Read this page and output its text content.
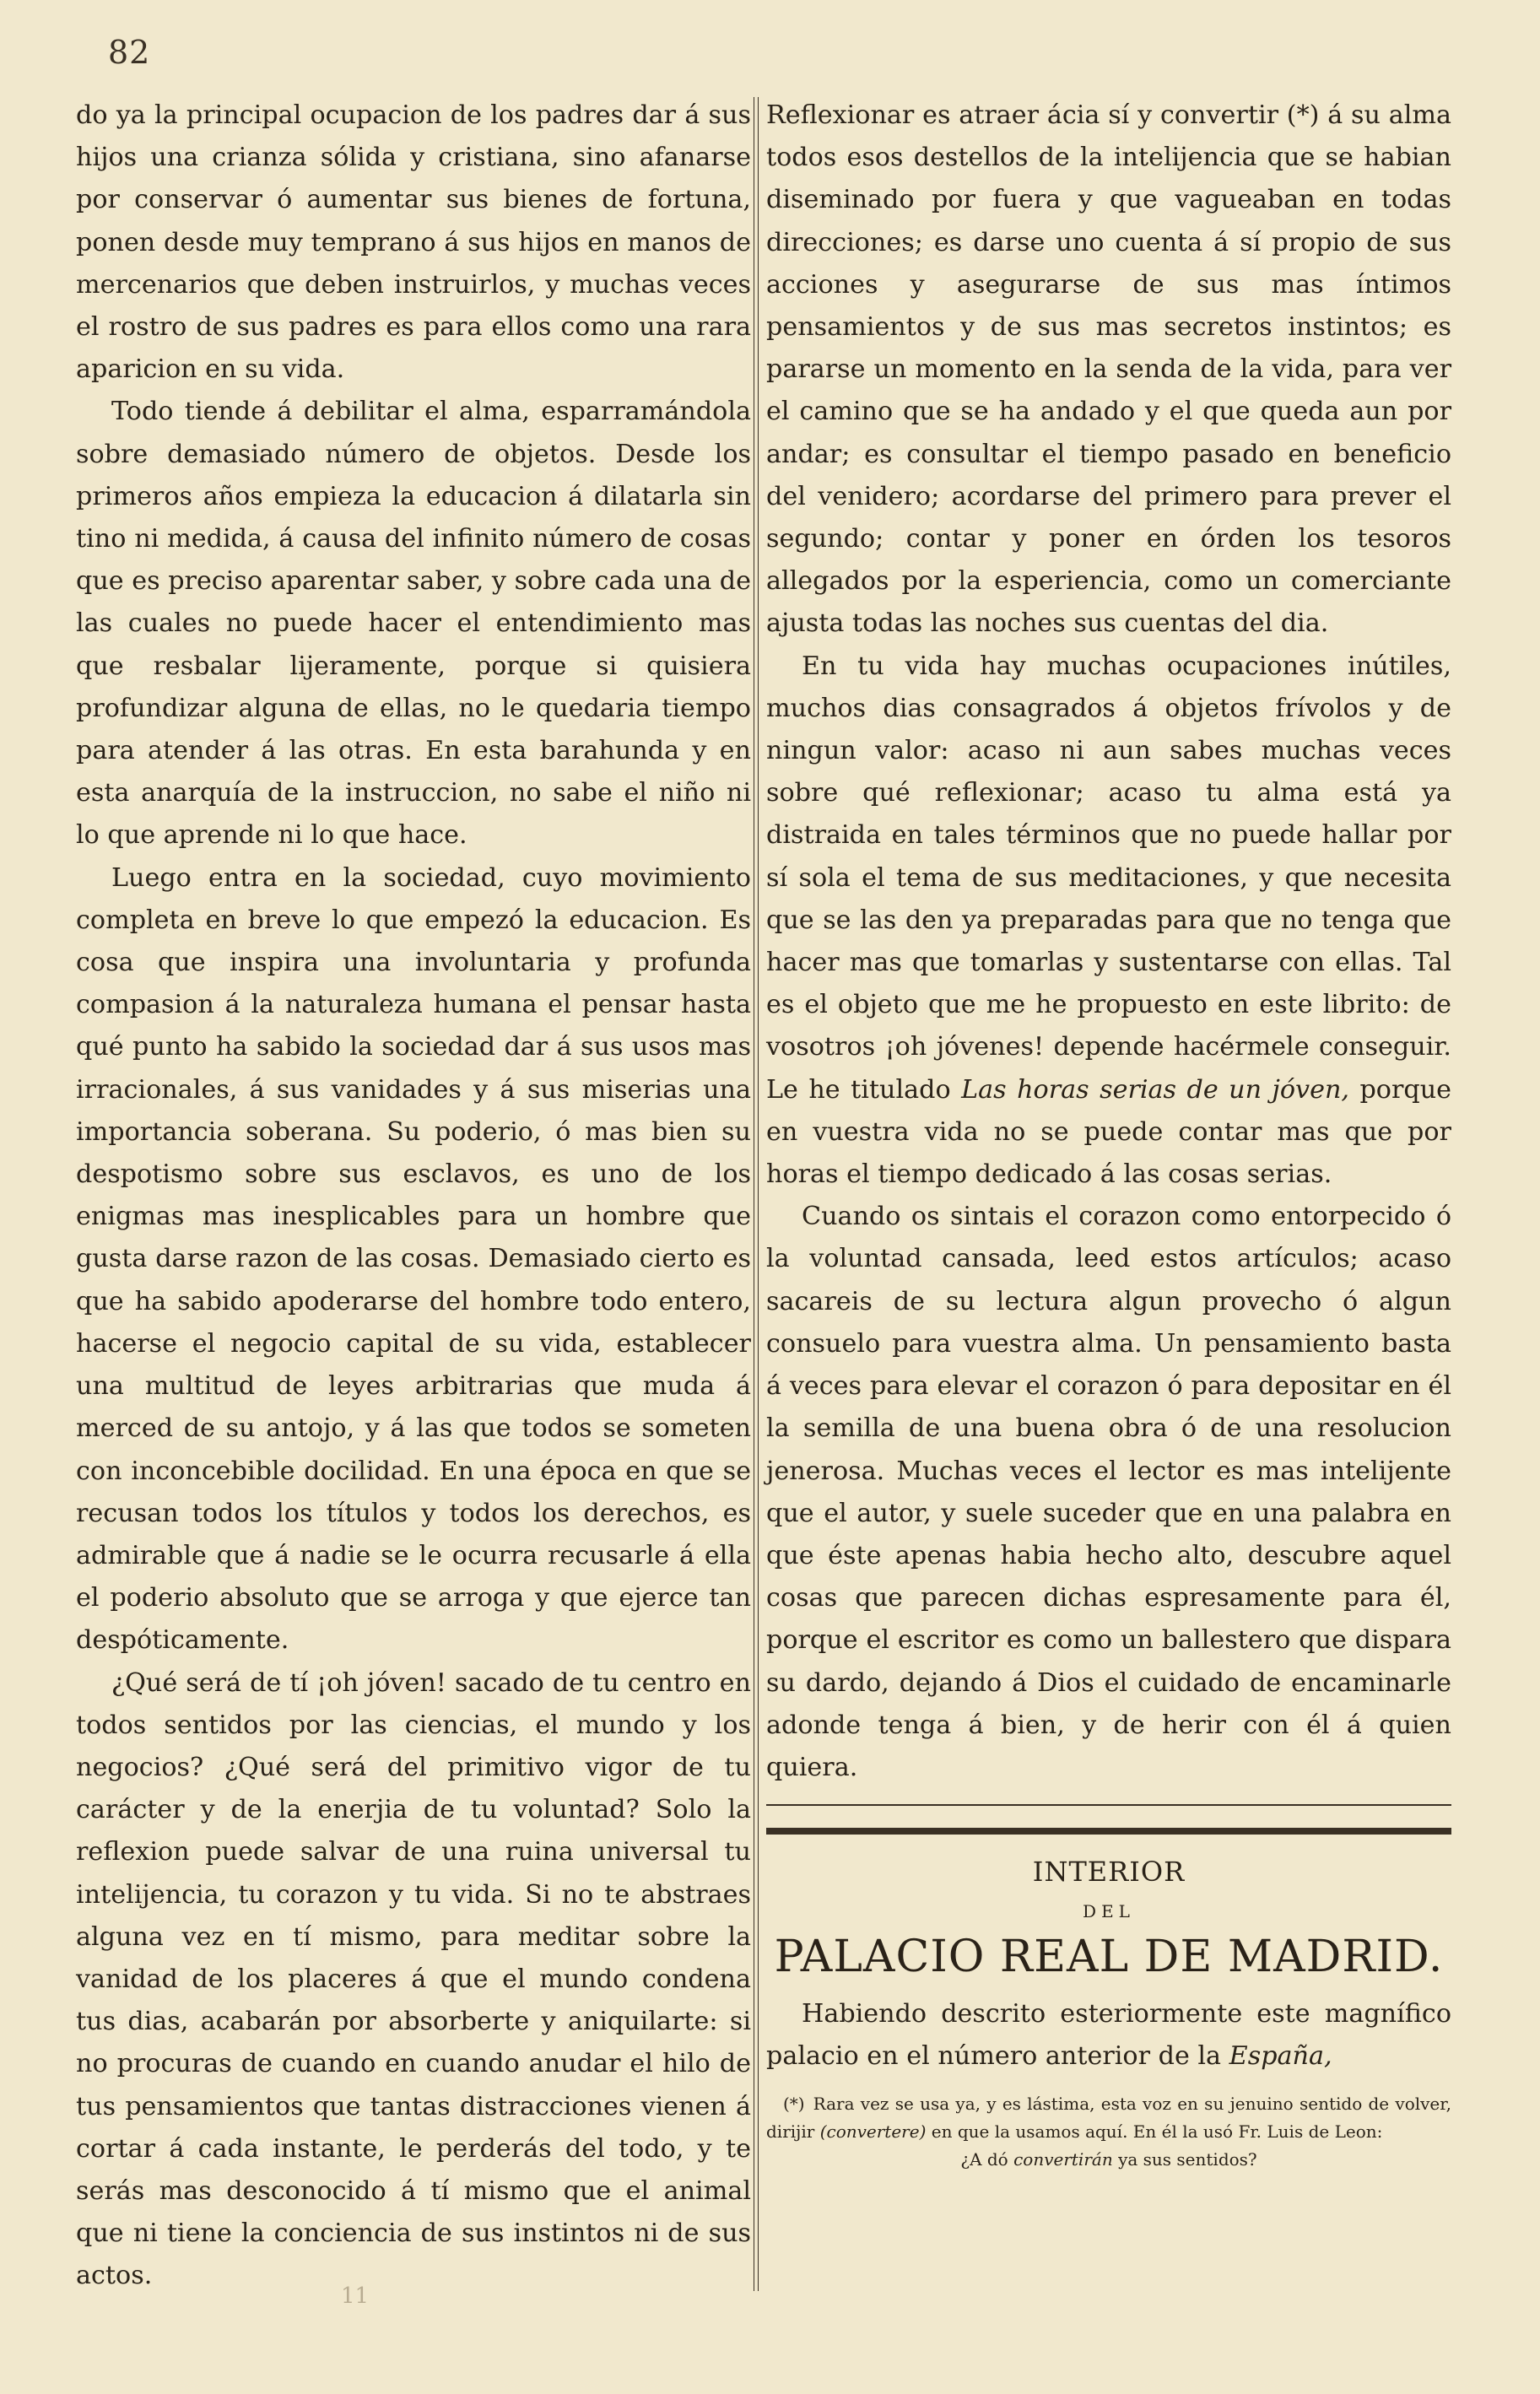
82

do ya la principal ocupacion de los padres dar á sus hijos una crianza sólida y cristiana, sino afanarse por conservar ó aumentar sus bienes de fortuna, ponen desde muy temprano á sus hijos en manos de mercenarios que deben instruirlos, y muchas veces el rostro de sus padres es para ellos como una rara aparicion en su vida.

Todo tiende á debilitar el alma, esparramándola sobre demasiado número de objetos. Desde los primeros años empieza la educacion á dilatarla sin tino ni medida, á causa del infinito número de cosas que es preciso aparentar saber, y sobre cada una de las cuales no puede hacer el entendimiento mas que resbalar lijeramente, porque si quisiera profundizar alguna de ellas, no le quedaria tiempo para atender á las otras. En esta barahunda y en esta anarquía de la instruccion, no sabe el niño ni lo que aprende ni lo que hace.

Luego entra en la sociedad, cuyo movimiento completa en breve lo que empezó la educacion. Es cosa que inspira una involuntaria y profunda compasion á la naturaleza humana el pensar hasta qué punto ha sabido la sociedad dar á sus usos mas irracionales, á sus vanidades y á sus miserias una importancia soberana. Su poderio, ó mas bien su despotismo sobre sus esclavos, es uno de los enigmas mas inesplicables para un hombre que gusta darse razon de las cosas. Demasiado cierto es que ha sabido apoderarse del hombre todo entero, hacerse el negocio capital de su vida, establecer una multitud de leyes arbitrarias que muda á merced de su antojo, y á las que todos se someten con inconcebible docilidad. En una época en que se recusan todos los títulos y todos los derechos, es admirable que á nadie se le ocurra recusarle á ella el poderio absoluto que se arroga y que ejerce tan despóticamente.

¿Qué será de tí ¡oh jóven! sacado de tu centro en todos sentidos por las ciencias, el mundo y los negocios? ¿Qué será del primitivo vigor de tu carácter y de la enerjia de tu voluntad? Solo la reflexion puede salvar de una ruina universal tu intelijencia, tu corazon y tu vida. Si no te abstraes alguna vez en tí mismo, para meditar sobre la vanidad de los placeres á que el mundo condena tus dias, acabarán por absorberte y aniquilarte: si no procuras de cuando en cuando anudar el hilo de tus pensamientos que tantas distracciones vienen á cortar á cada instante, le perderás del todo, y te serás mas desconocido á tí mismo que el animal que ni tiene la conciencia de sus instintos ni de sus actos.

Reflexionar es atraer ácia sí y convertir (*) á su alma todos esos destellos de la intelijencia que se habian diseminado por fuera y que vagueaban en todas direcciones; es darse uno cuenta á sí propio de sus acciones y asegurarse de sus mas íntimos pensamientos y de sus mas secretos instintos; es pararse un momento en la senda de la vida, para ver el camino que se ha andado y el que queda aun por andar; es consultar el tiempo pasado en beneficio del venidero; acordarse del primero para prever el segundo; contar y poner en órden los tesoros allegados por la esperiencia, como un comerciante ajusta todas las noches sus cuentas del dia.

En tu vida hay muchas ocupaciones inútiles, muchos dias consagrados á objetos frívolos y de ningun valor: acaso ni aun sabes muchas veces sobre qué reflexionar; acaso tu alma está ya distraida en tales términos que no puede hallar por sí sola el tema de sus meditaciones, y que necesita que se las den ya preparadas para que no tenga que hacer mas que tomarlas y sustentarse con ellas. Tal es el objeto que me he propuesto en este librito: de vosotros ¡oh jóvenes! depende hacérmele conseguir. Le he titulado Las horas serias de un jóven, porque en vuestra vida no se puede contar mas que por horas el tiempo dedicado á las cosas serias.

Cuando os sintais el corazon como entorpecido ó la voluntad cansada, leed estos artículos; acaso sacareis de su lectura algun provecho ó algun consuelo para vuestra alma. Un pensamiento basta á veces para elevar el corazon ó para depositar en él la semilla de una buena obra ó de una resolucion jenerosa. Muchas veces el lector es mas intelijente que el autor, y suele suceder que en una palabra en que éste apenas habia hecho alto, descubre aquel cosas que parecen dichas espresamente para él, porque el escritor es como un ballestero que dispara su dardo, dejando á Dios el cuidado de encaminarle adonde tenga á bien, y de herir con él á quien quiera.

INTERIOR
DEL
PALACIO REAL DE MADRID.

Habiendo descrito esteriormente este magnífico palacio en el número anterior de la España,

(*) Rara vez se usa ya, y es lástima, esta voz en su jenuino sentido de volver, dirijir (convertere) en que la usamos aquí. En él la usó Fr. Luis de Leon:

¿A dó convertirán ya sus sentidos?

11
